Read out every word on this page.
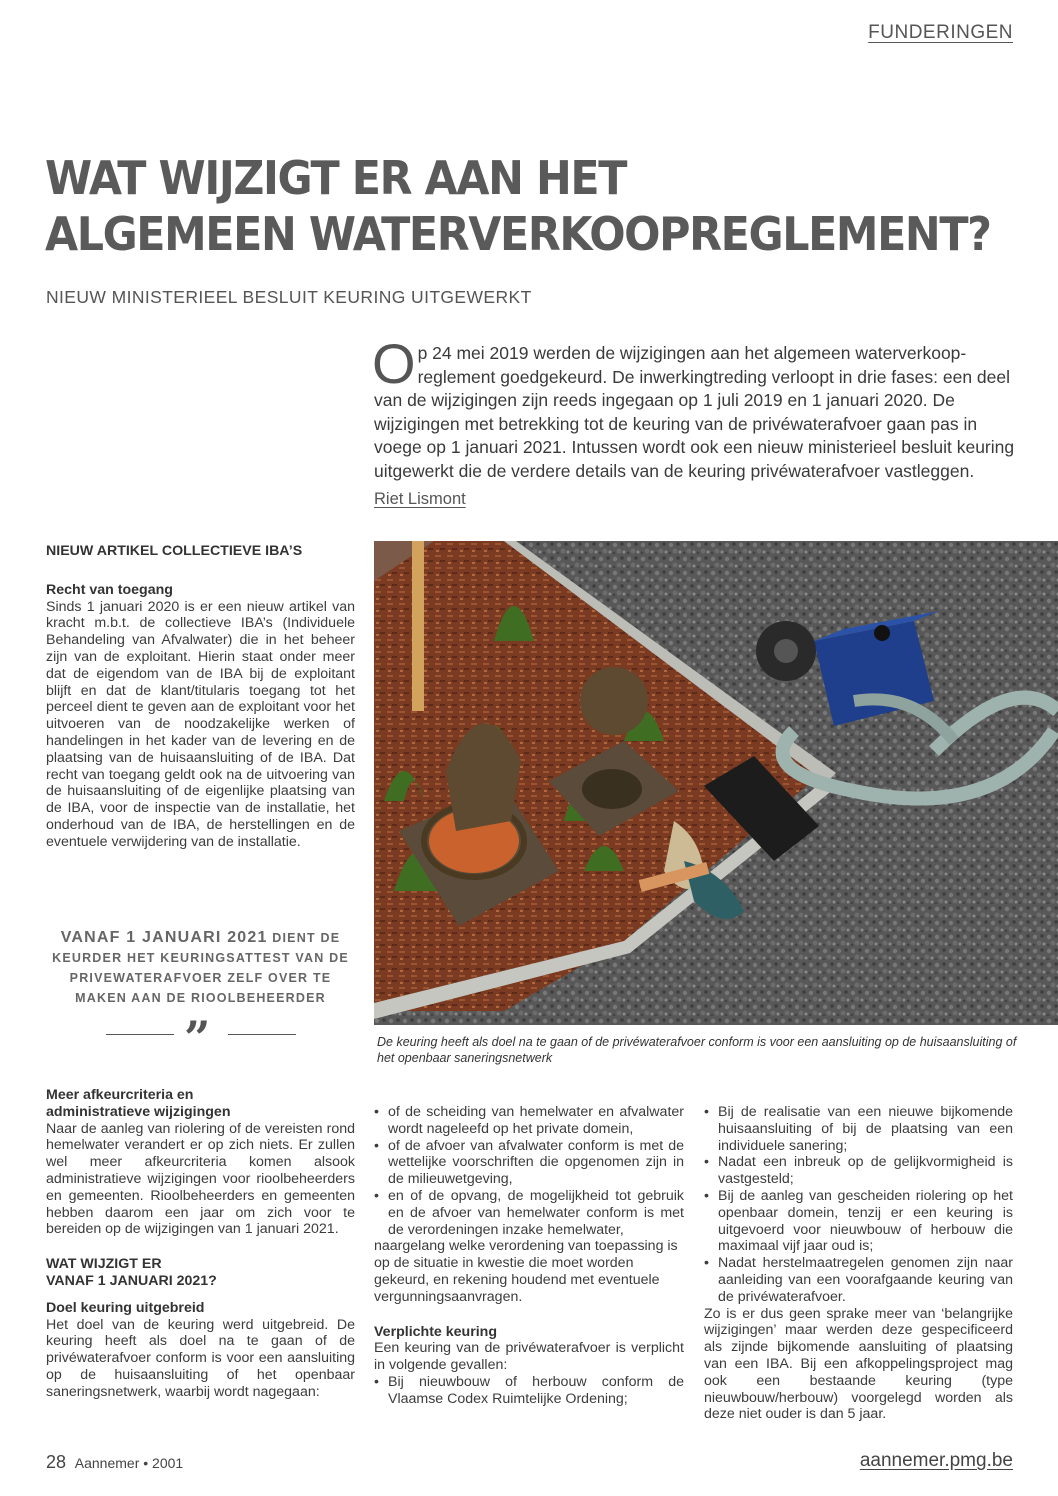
FUNDERINGEN
WAT WIJZIGT ER AAN HET
ALGEMEEN WATERVERKOOPREGLEMENT?
NIEUW MINISTERIEEL BESLUIT KEURING UITGEWERKT
Op 24 mei 2019 werden de wijzigingen aan het algemeen waterverkoop-reglement goedgekeurd. De inwerkingtreding verloopt in drie fases: een deel van de wijzigingen zijn reeds ingegaan op 1 juli 2019 en 1 januari 2020. De wijzigingen met betrekking tot de keuring van de privéwaterafvoer gaan pas in voege op 1 januari 2021. Intussen wordt ook een nieuw ministerieel besluit keuring uitgewerkt die de verdere details van de keuring privéwaterafvoer vastleggen.
Riet Lismont
NIEUW ARTIKEL COLLECTIEVE IBA’S
Recht van toegang

Sinds 1 januari 2020 is er een nieuw artikel van kracht m.b.t. de collectieve IBA’s (Individuele Behandeling van Afvalwater) die in het beheer zijn van de exploitant. Hierin staat onder meer dat de eigendom van de IBA bij de exploitant blijft en dat de klant/titularis toegang tot het perceel dient te geven aan de exploitant voor het uitvoeren van de noodzakelijke werken of handelingen in het kader van de levering en de plaatsing van de huisaansluiting of de IBA. Dat recht van toegang geldt ook na de uitvoering van de huisaansluiting of de eigenlijke plaatsing van de IBA, voor de inspectie van de installatie, het onderhoud van de IBA, de herstellingen en de eventuele verwijdering van de installatie.

VANAF 1 JANUARI 2021 DIENT DE KEURDER HET KEURINGSATTEST VAN DE PRIVEWATERAFVOER ZELF OVER TE MAKEN AAN DE RIOOLBEHEERDER
”
Meer afkeurcriteria en administratieve wijzigingen

Naar de aanleg van riolering of de vereisten rond hemelwater verandert er op zich niets. Er zullen wel meer afkeurcriteria komen alsook administratieve wijzigingen voor rioolbeheerders en gemeenten. Rioolbeheerders en gemeenten hebben daarom een jaar om zich voor te bereiden op de wijzigingen van 1 januari 2021.

WAT WIJZIGT ER
VANAF 1 JANUARI 2021?
Doel keuring uitgebreid

Het doel van de keuring werd uitgebreid. De keuring heeft als doel na te gaan of de privéwaterafvoer conform is voor een aansluiting op de huisaansluiting of het openbaar saneringsnetwerk, waarbij wordt nagegaan:

De keuring heeft als doel na te gaan of de privéwaterafvoer conform is voor een aansluiting op de huisaansluiting of het openbaar saneringsnetwerk
• of de scheiding van hemelwater en afvalwater wordt nageleefd op het private domein,
• of de afvoer van afvalwater conform is met de wettelijke voorschriften die opgenomen zijn in de milieuwetgeving,
• en of de opvang, de mogelijkheid tot gebruik en de afvoer van hemelwater conform is met de verordeningen inzake hemelwater,

naargelang welke verordening van toepassing is op de situatie in kwestie die moet worden gekeurd, en rekening houdend met eventuele vergunningsaanvragen.

Verplichte keuring

Een keuring van de privéwaterafvoer is verplicht in volgende gevallen:

• Bij nieuwbouw of herbouw conform de Vlaamse Codex Ruimtelijke Ordening;
• Bij de realisatie van een nieuwe bijkomende huisaansluiting of bij de plaatsing van een individuele sanering;
• Nadat een inbreuk op de gelijkvormigheid is vastgesteld;
• Bij de aanleg van gescheiden riolering op het openbaar domein, tenzij er een keuring is uitgevoerd voor nieuwbouw of herbouw die maximaal vijf jaar oud is;
• Nadat herstelmaatregelen genomen zijn naar aanleiding van een voorafgaande keuring van de privéwaterafvoer.

Zo is er dus geen sprake meer van ‘belangrijke wijzigingen’ maar werden deze gespecificeerd als zijnde bijkomende aansluiting of plaatsing van een IBA. Bij een afkoppelingsproject mag ook een bestaande keuring (type nieuwbouw/herbouw) voorgelegd worden als deze niet ouder is dan 5 jaar.

28 Aannemer • 2001	aannemer.pmg.be
